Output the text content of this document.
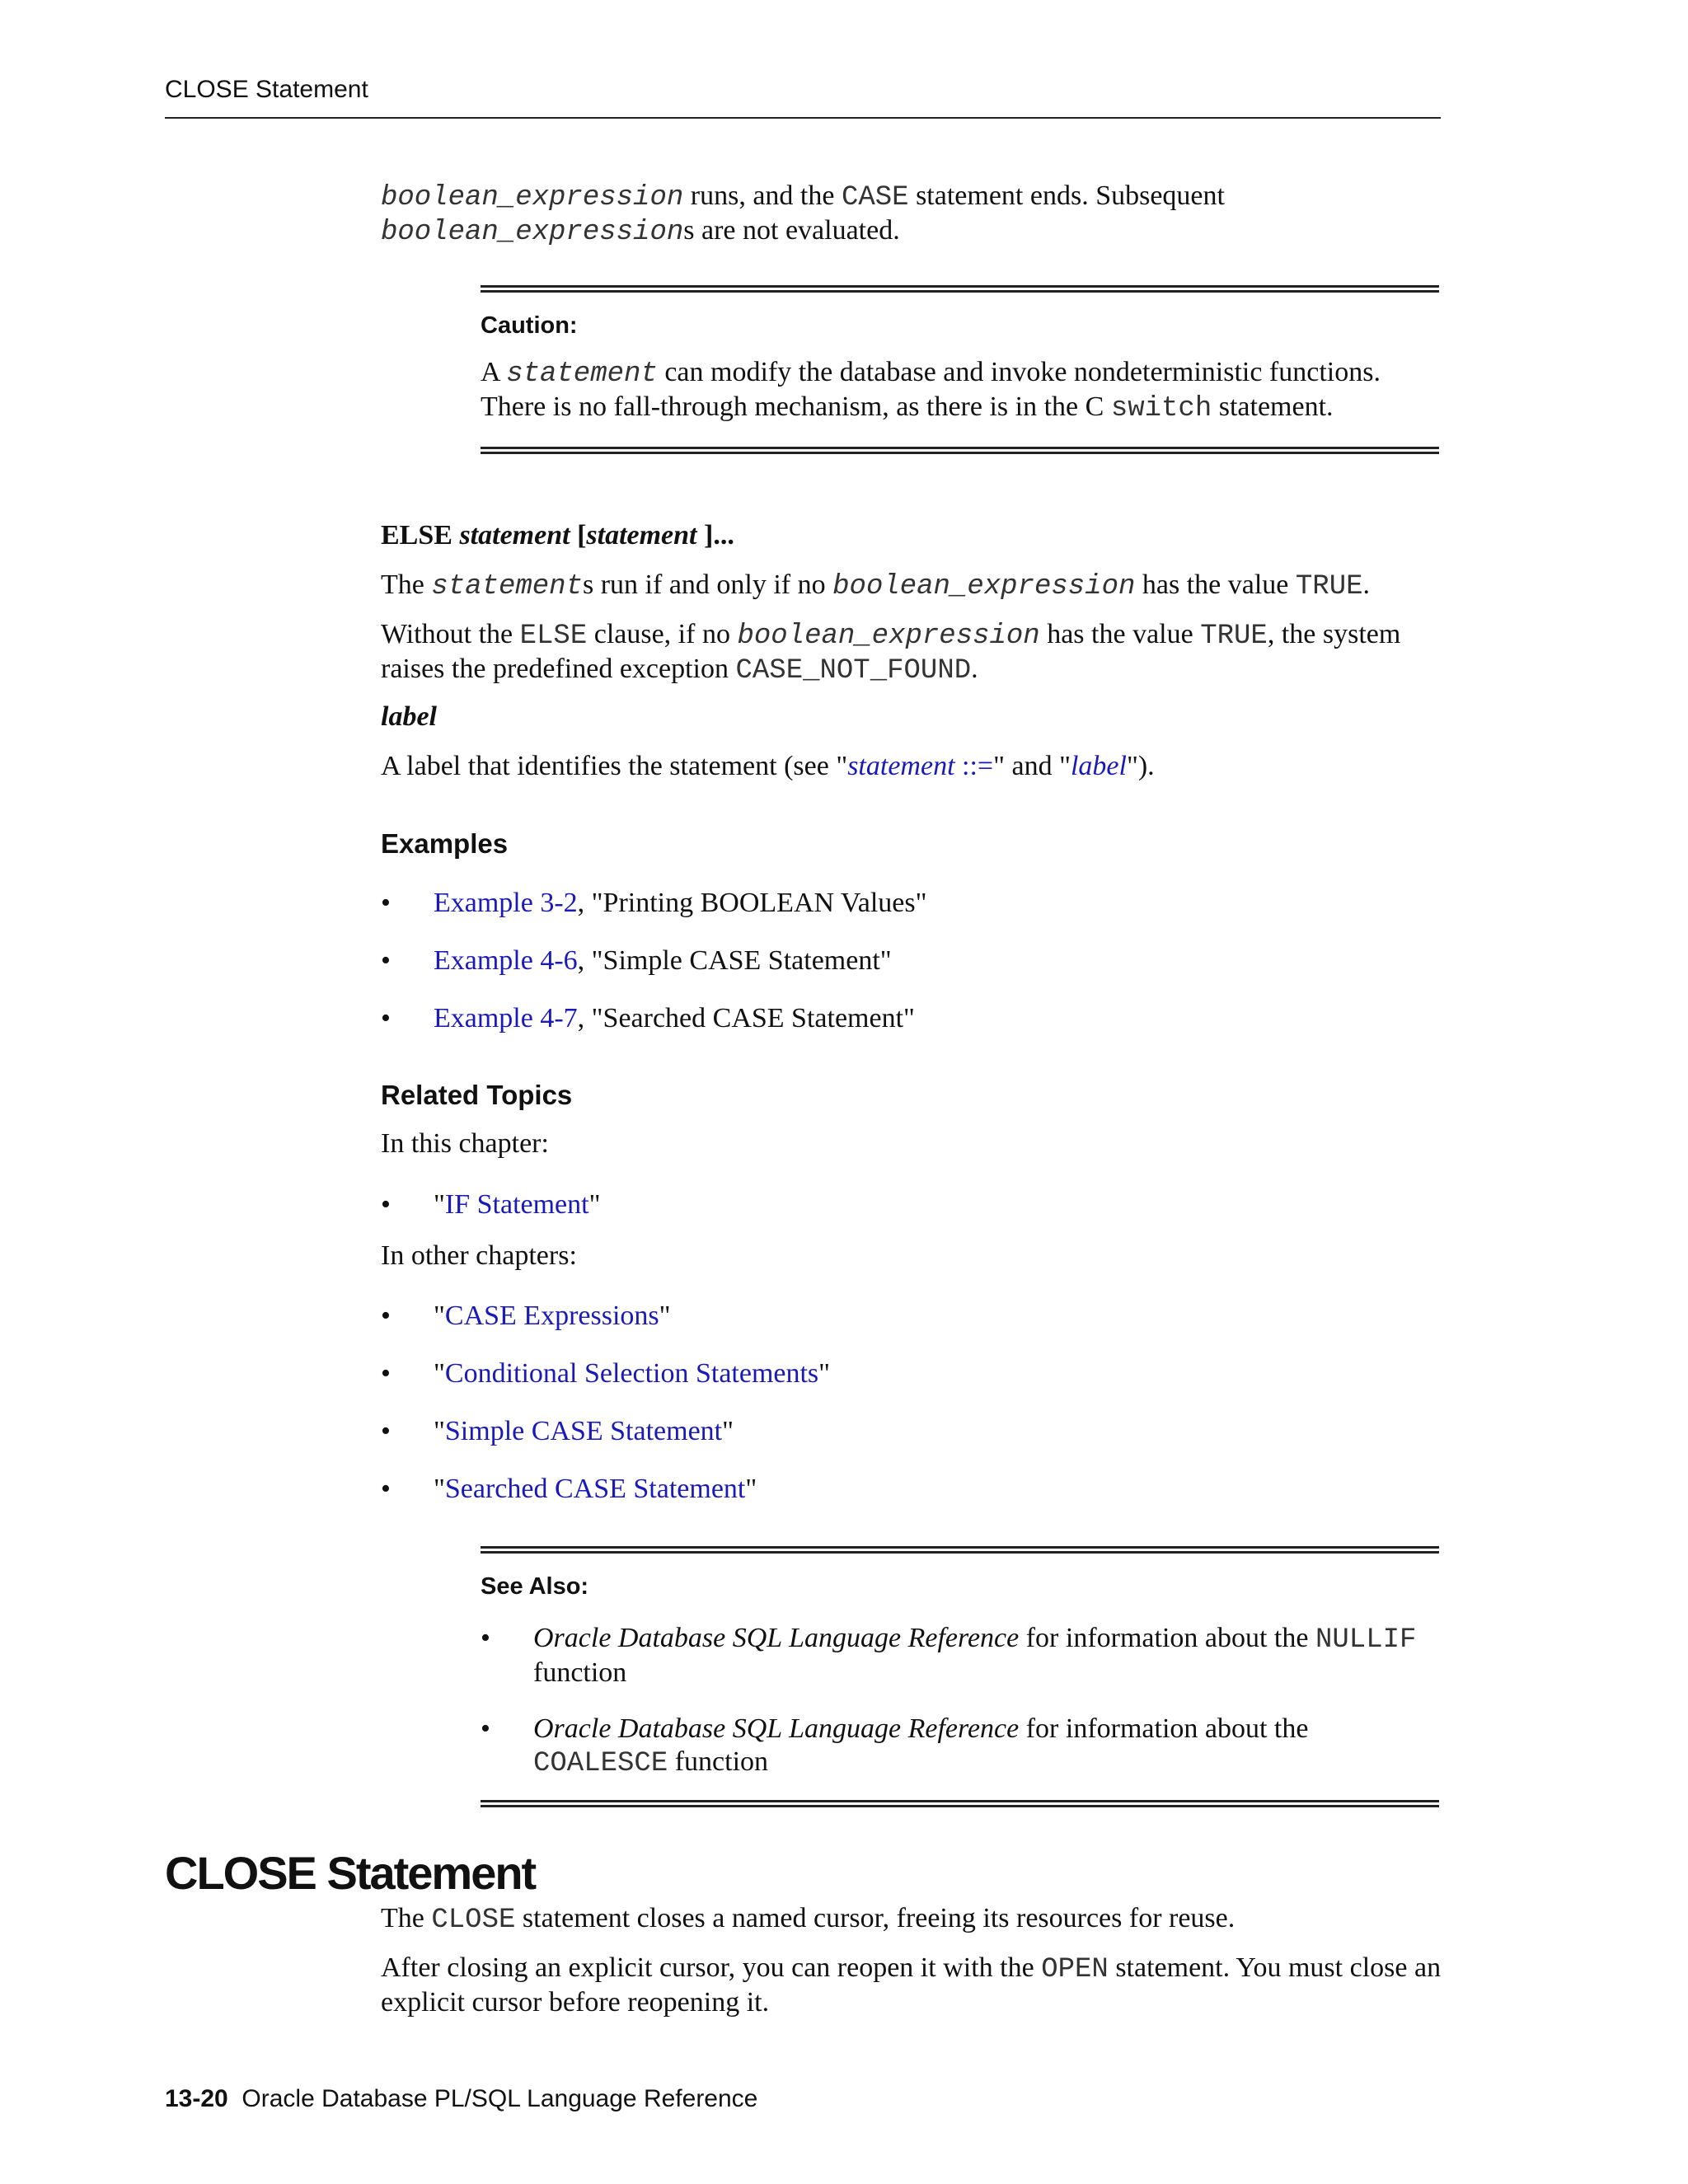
CLOSE Statement

boolean_expression runs, and the CASE statement ends. Subsequent
boolean_expressions are not evaluated.

Caution:

A statement can modify the database and invoke nondeterministic functions. There is no fall-through mechanism, as there is in the C switch statement.

ELSE statement [statement ]...

The statements run if and only if no boolean_expression has the value TRUE.

Without the ELSE clause, if no boolean_expression has the value TRUE, the system raises the predefined exception CASE_NOT_FOUND.

label

A label that identifies the statement (see "statement ::=" and "label").

Examples
• Example 3-2, "Printing BOOLEAN Values"
• Example 4-6, "Simple CASE Statement"
• Example 4-7, "Searched CASE Statement"
Related Topics
In this chapter:
• "IF Statement"
In other chapters:
• "CASE Expressions"
• "Conditional Selection Statements"
• "Simple CASE Statement"
• "Searched CASE Statement"
See Also:
• Oracle Database SQL Language Reference for information about the NULLIF function

• Oracle Database SQL Language Reference for information about the
COALESCE function

CLOSE Statement

The CLOSE statement closes a named cursor, freeing its resources for reuse.

After closing an explicit cursor, you can reopen it with the OPEN statement. You must close an explicit cursor before reopening it.

13-20 Oracle Database PL/SQL Language Reference
